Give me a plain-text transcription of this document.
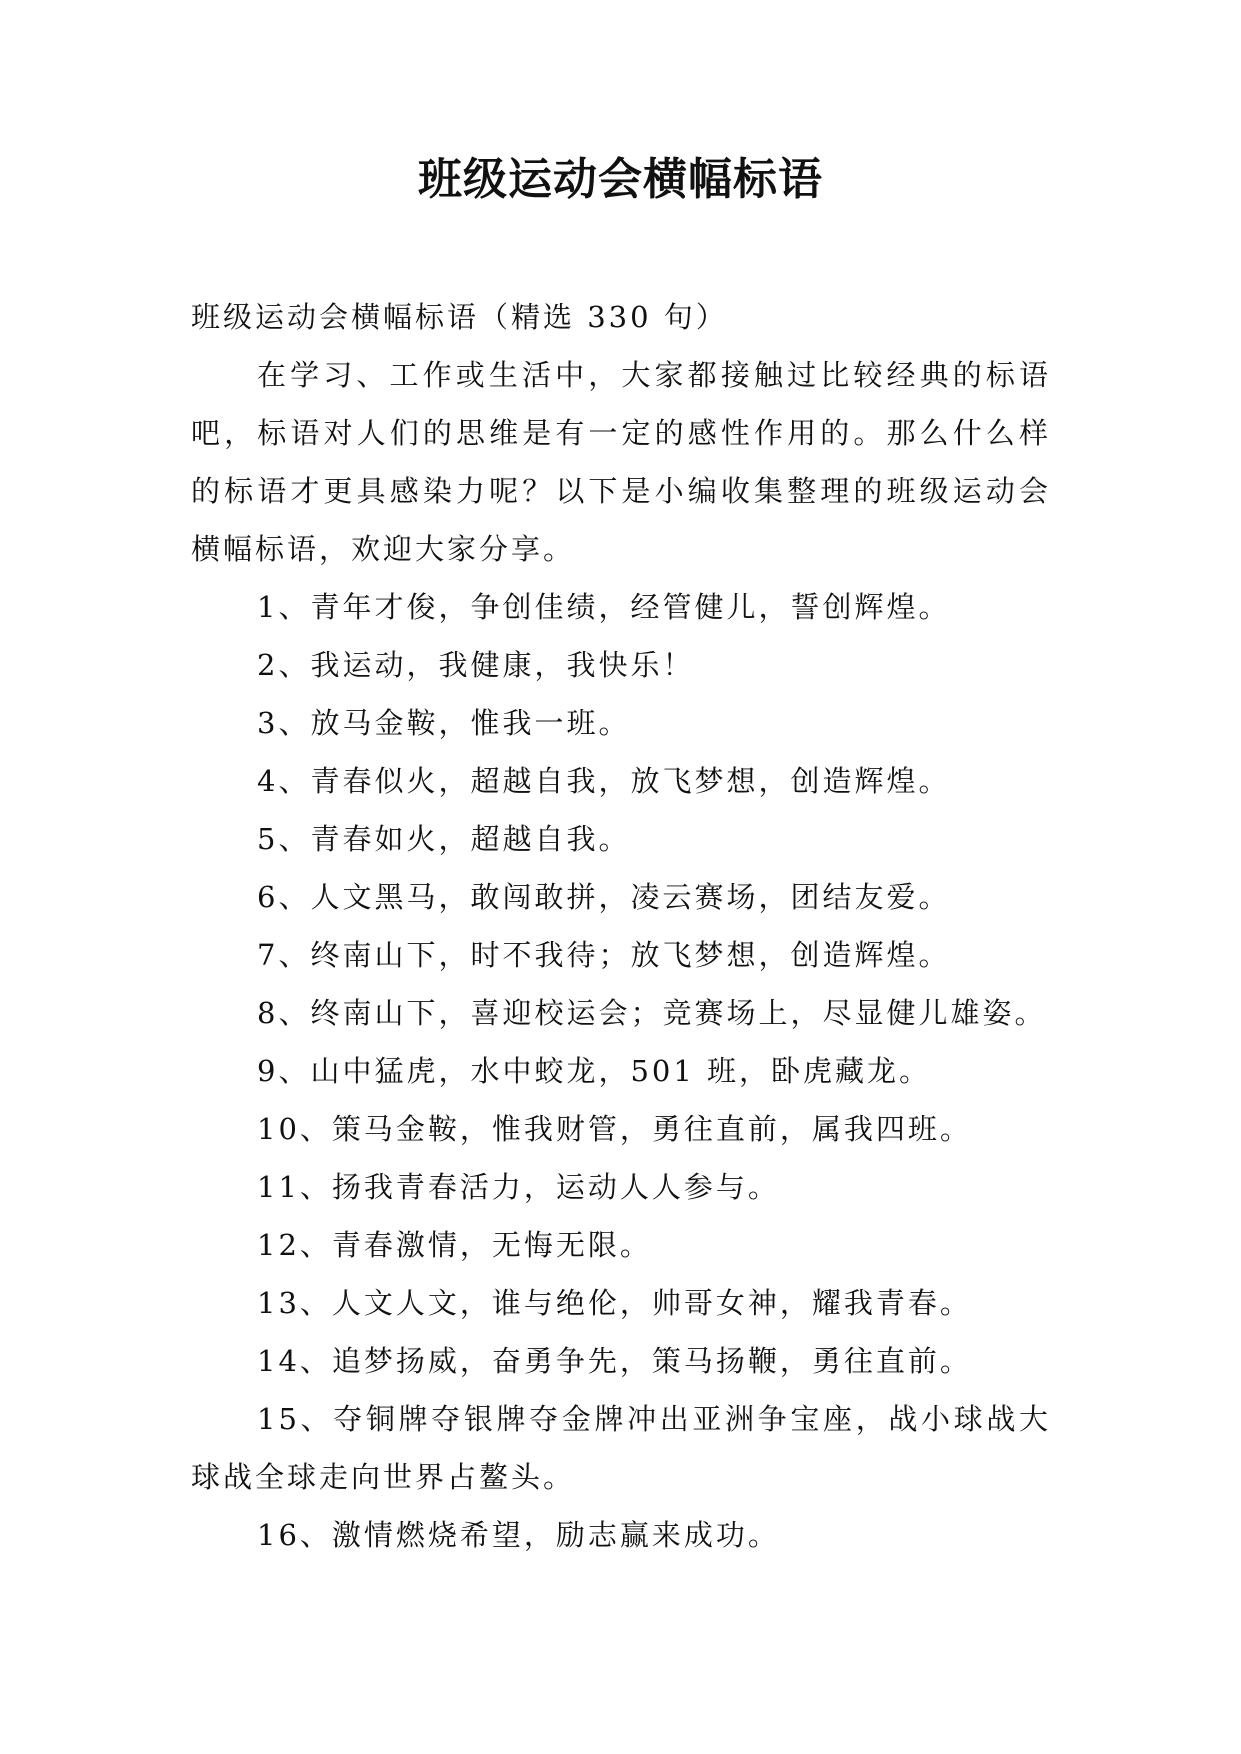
班级运动会横幅标语

班级运动会横幅标语（精选 330 句）

在学习、工作或生活中，大家都接触过比较经典的标语吧，标语对人们的思维是有一定的感性作用的。那么什么样的标语才更具感染力呢？以下是小编收集整理的班级运动会横幅标语，欢迎大家分享。

1、青年才俊，争创佳绩，经管健儿，誓创辉煌。

2、我运动，我健康，我快乐！

3、放马金鞍，惟我一班。

4、青春似火，超越自我，放飞梦想，创造辉煌。

5、青春如火，超越自我。

6、人文黑马，敢闯敢拼，凌云赛场，团结友爱。

7、终南山下，时不我待；放飞梦想，创造辉煌。

8、终南山下，喜迎校运会；竞赛场上，尽显健儿雄姿。

9、山中猛虎，水中蛟龙，501 班，卧虎藏龙。

10、策马金鞍，惟我财管，勇往直前，属我四班。

11、扬我青春活力，运动人人参与。

12、青春激情，无悔无限。

13、人文人文，谁与绝伦，帅哥女神，耀我青春。

14、追梦扬威，奋勇争先，策马扬鞭，勇往直前。

15、夺铜牌夺银牌夺金牌冲出亚洲争宝座，战小球战大球战全球走向世界占鳌头。

16、激情燃烧希望，励志赢来成功。
